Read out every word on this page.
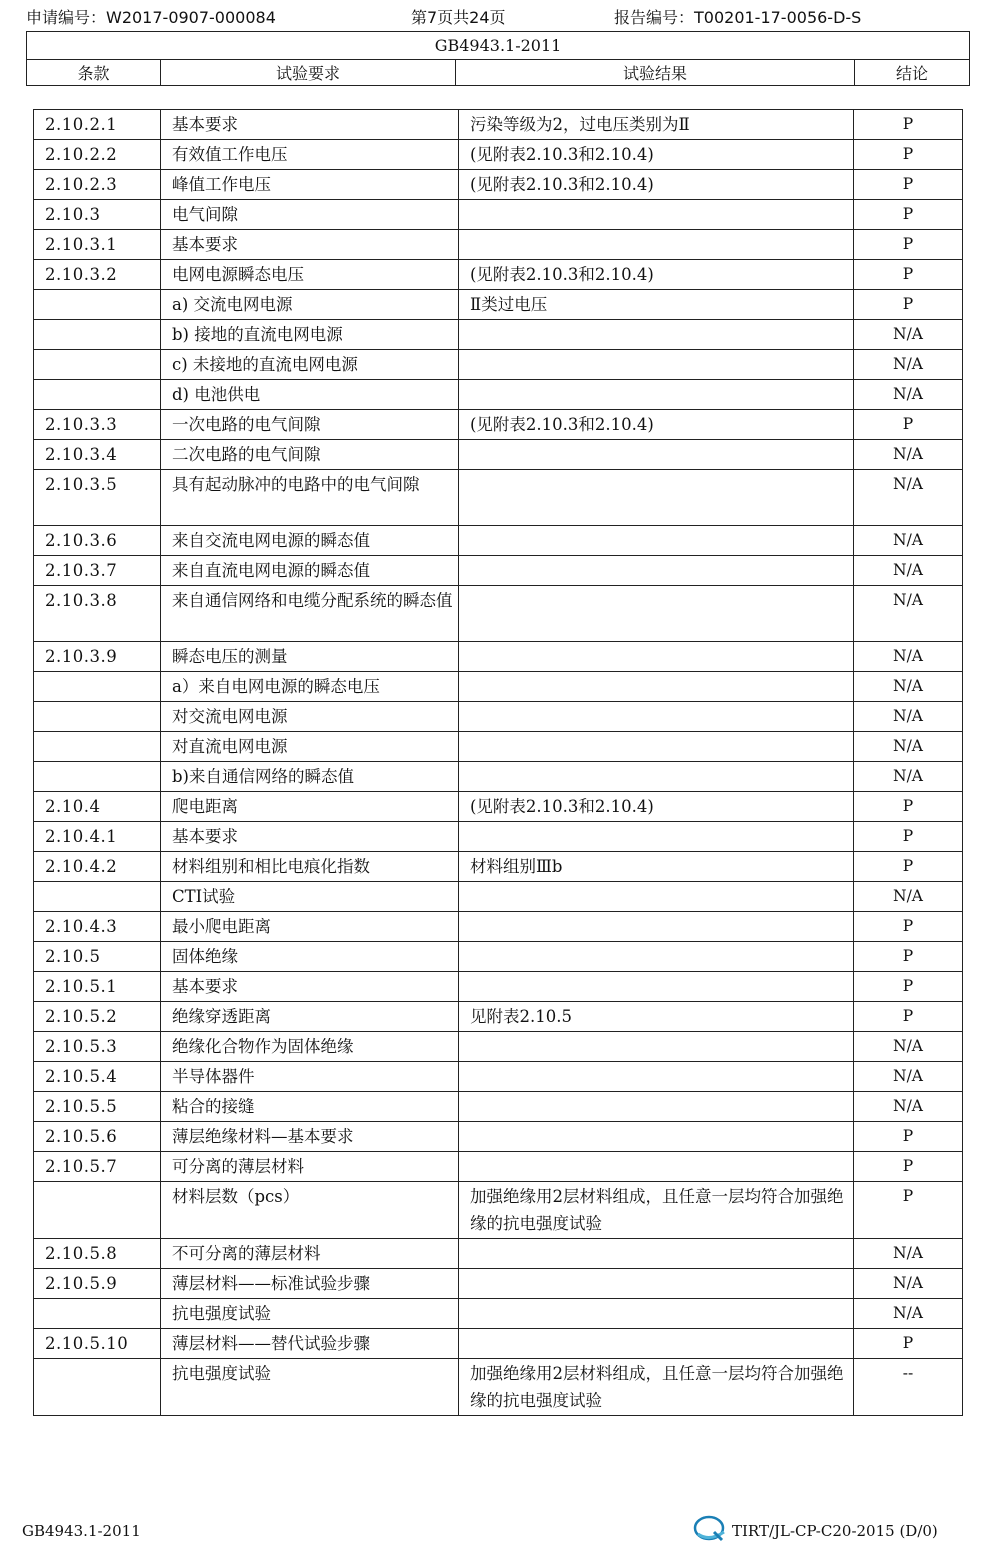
申请编号：W2017-0907-000084	第7页共24页	报告编号：T00201-17-0056-D-S
GB4943.1-2011
条款	试验要求	试验结果	结论
2.10.2.1	基本要求	污染等级为2，过电压类别为Ⅱ	P
2.10.2.2	有效值工作电压	(见附表2.10.3和2.10.4)	P
2.10.2.3	峰值工作电压	(见附表2.10.3和2.10.4)	P
2.10.3	电气间隙		P
2.10.3.1	基本要求		P
2.10.3.2	电网电源瞬态电压	(见附表2.10.3和2.10.4)	P
	a) 交流电网电源	Ⅱ类过电压	P
	b) 接地的直流电网电源		N/A
	c) 未接地的直流电网电源		N/A
	d) 电池供电		N/A
2.10.3.3	一次电路的电气间隙	(见附表2.10.3和2.10.4)	P
2.10.3.4	二次电路的电气间隙		N/A
2.10.3.5	具有起动脉冲的电路中的电气间隙		N/A
2.10.3.6	来自交流电网电源的瞬态值		N/A
2.10.3.7	来自直流电网电源的瞬态值		N/A
2.10.3.8	来自通信网络和电缆分配系统的瞬态值		N/A
2.10.3.9	瞬态电压的测量		N/A
	a）来自电网电源的瞬态电压		N/A
	对交流电网电源		N/A
	对直流电网电源		N/A
	b)来自通信网络的瞬态值		N/A
2.10.4	爬电距离	(见附表2.10.3和2.10.4)	P
2.10.4.1	基本要求		P
2.10.4.2	材料组别和相比电痕化指数	材料组别Ⅲb	P
	CTI试验		N/A
2.10.4.3	最小爬电距离		P
2.10.5	固体绝缘		P
2.10.5.1	基本要求		P
2.10.5.2	绝缘穿透距离	见附表2.10.5	P
2.10.5.3	绝缘化合物作为固体绝缘		N/A
2.10.5.4	半导体器件		N/A
2.10.5.5	粘合的接缝		N/A
2.10.5.6	薄层绝缘材料—基本要求		P
2.10.5.7	可分离的薄层材料		P
	材料层数（pcs）	加强绝缘用2层材料组成，且任意一层均符合加强绝缘的抗电强度试验	P
2.10.5.8	不可分离的薄层材料		N/A
2.10.5.9	薄层材料——标准试验步骤		N/A
	抗电强度试验		N/A
2.10.5.10	薄层材料——替代试验步骤		P
	抗电强度试验	加强绝缘用2层材料组成，且任意一层均符合加强绝缘的抗电强度试验	--
GB4943.1-2011	TIRT/JL-CP-C20-2015 (D/0)
